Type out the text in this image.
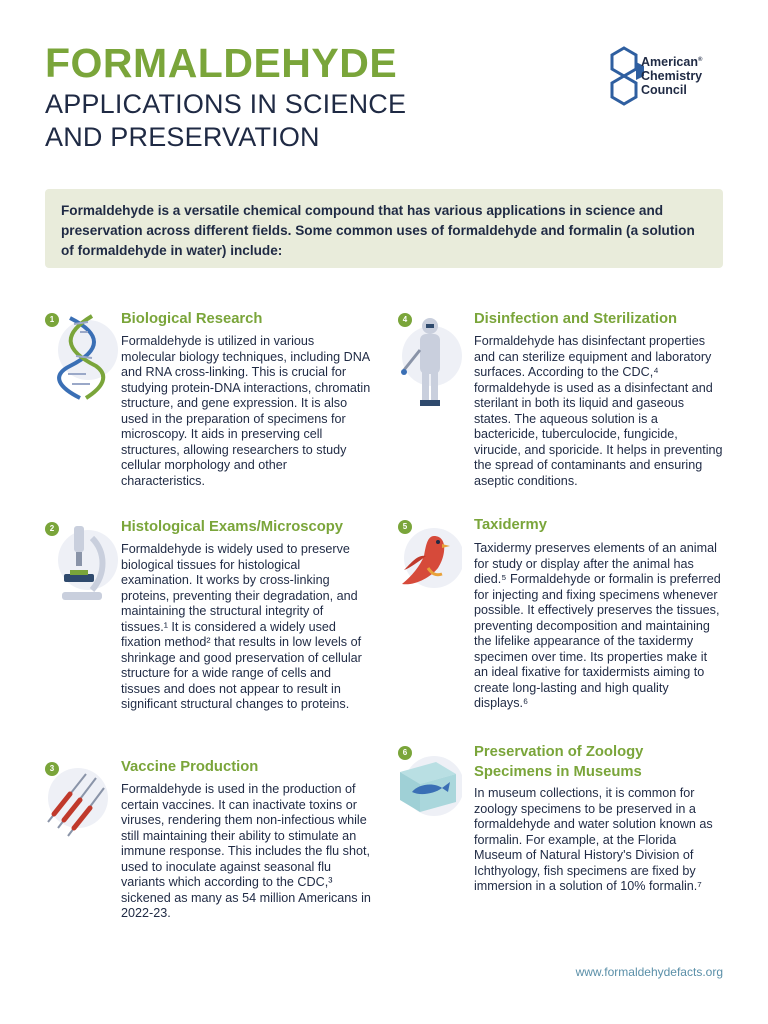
FORMALDEHYDE
APPLICATIONS IN SCIENCE
AND PRESERVATION
American®
Chemistry
Council

Formaldehyde is a versatile chemical compound that has various applications in science and preservation across different fields. Some common uses of formaldehyde and formalin (a solution of formaldehyde in water) include:

1	Biological Research
Formaldehyde is utilized in various molecular biology techniques, including DNA and RNA cross-linking. This is crucial for studying protein-DNA interactions, chromatin structure, and gene expression. It is also used in the preparation of specimens for microscopy. It aids in preserving cell structures, allowing researchers to study cellular morphology and other characteristics.
2	Histological Exams/Microscopy
Formaldehyde is widely used to preserve biological tissues for histological examination. It works by cross-linking proteins, preventing their degradation, and maintaining the structural integrity of tissues.¹ It is considered a widely used fixation method² that results in low levels of shrinkage and good preservation of cellular structure for a wide range of cells and tissues and does not appear to result in significant structural changes to proteins.
3	Vaccine Production
Formaldehyde is used in the production of certain vaccines. It can inactivate toxins or viruses, rendering them non-infectious while still maintaining their ability to stimulate an immune response. This includes the flu shot, used to inoculate against seasonal flu variants which according to the CDC,³ sickened as many as 54 million Americans in 2022-23.
4	Disinfection and Sterilization
Formaldehyde has disinfectant properties and can sterilize equipment and laboratory surfaces. According to the CDC,⁴ formaldehyde is used as a disinfectant and sterilant in both its liquid and gaseous states. The aqueous solution is a bactericide, tuberculocide, fungicide, virucide, and sporicide. It helps in preventing the spread of contaminants and ensuring aseptic conditions.
5	Taxidermy
Taxidermy preserves elements of an animal for study or display after the animal has died.⁵ Formaldehyde or formalin is preferred for injecting and fixing specimens whenever possible. It effectively preserves the tissues, preventing decomposition and maintaining the lifelike appearance of the taxidermy specimen over time. Its properties make it an ideal fixative for taxidermists aiming to create long-lasting and high quality displays.⁶
6	Preservation of Zoology
Specimens in Museums
In museum collections, it is common for zoology specimens to be preserved in a formaldehyde and water solution known as formalin. For example, at the Florida Museum of Natural History's Division of Ichthyology, fish specimens are fixed by immersion in a solution of 10% formalin.⁷
www.formaldehydefacts.org
